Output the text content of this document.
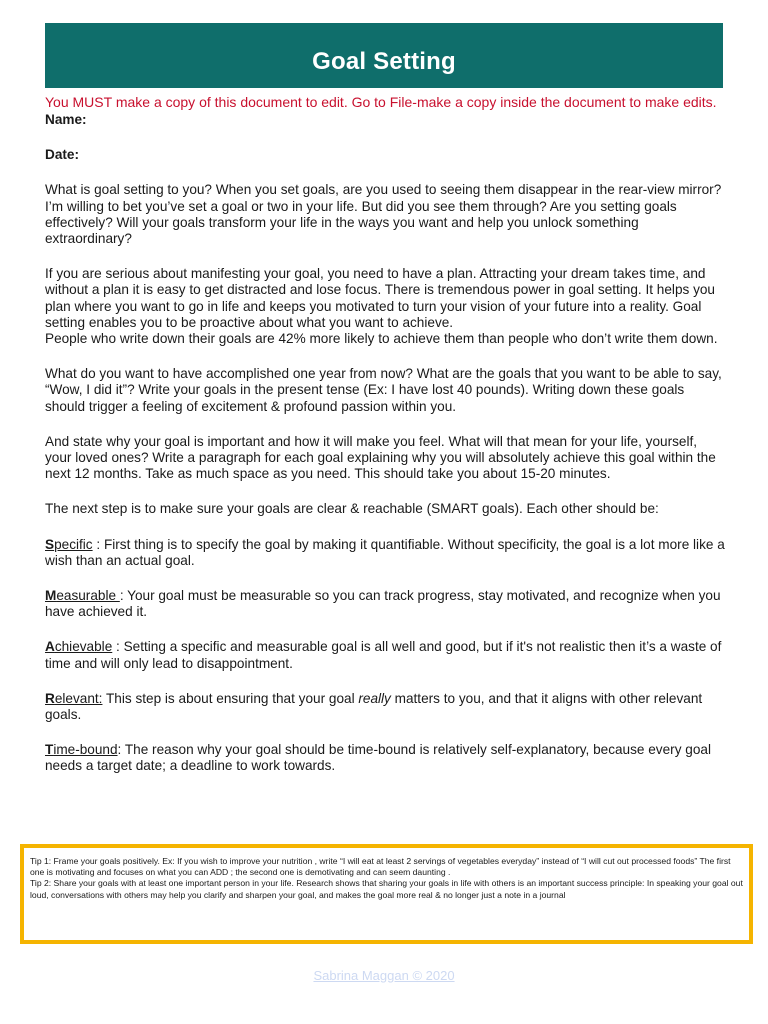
Goal Setting

You MUST make a copy of this document to edit. Go to File-make a copy inside the document to make edits.

Name:

Date:

What is goal setting to you? When you set goals, are you used to seeing them disappear in the rear-view mirror? I’m willing to bet you’ve set a goal or two in your life. But did you see them through? Are you setting goals effectively? Will your goals transform your life in the ways you want and help you unlock something extraordinary?

If you are serious about manifesting your goal, you need to have a plan. Attracting your dream takes time, and without a plan it is easy to get distracted and lose focus. There is tremendous power in goal setting. It helps you plan where you want to go in life and keeps you motivated to turn your vision of your future into a reality. Goal setting enables you to be proactive about what you want to achieve.

People who write down their goals are 42% more likely to achieve them than people who don’t write them down.

What do you want to have accomplished one year from now? What are the goals that you want to be able to say, “Wow, I did it”? Write your goals in the present tense (Ex: I have lost 40 pounds). Writing down these goals should trigger a feeling of excitement & profound passion within you.

And state why your goal is important and how it will make you feel. What will that mean for your life, yourself, your loved ones? Write a paragraph for each goal explaining why you will absolutely achieve this goal within the next 12 months. Take as much space as you need. This should take you about 15-20 minutes.

The next step is to make sure your goals are clear & reachable (SMART goals). Each other should be:

Specific : First thing is to specify the goal by making it quantifiable. Without specificity, the goal is a lot more like a wish than an actual goal.

Measurable : Your goal must be measurable so you can track progress, stay motivated, and recognize when you have achieved it.

Achievable : Setting a specific and measurable goal is all well and good, but if it's not realistic then it’s a waste of time and will only lead to disappointment.

Relevant: This step is about ensuring that your goal really matters to you, and that it aligns with other relevant goals.

Time-bound: The reason why your goal should be time-bound is relatively self-explanatory, because every goal needs a target date; a deadline to work towards.

Tip 1: Frame your goals positively. Ex: If you wish to improve your nutrition , write “I will eat at least 2 servings of vegetables everyday” instead of “I will cut out processed foods” The first one is motivating and focuses on what you can ADD ; the second one is demotivating and can seem daunting .

Tip 2: Share your goals with at least one important person in your life. Research shows that sharing your goals in life with others is an important success principle: In speaking your goal out loud, conversations with others may help you clarify and sharpen your goal, and makes the goal more real & no longer just a note in a journal

Sabrina Maggan © 2020
